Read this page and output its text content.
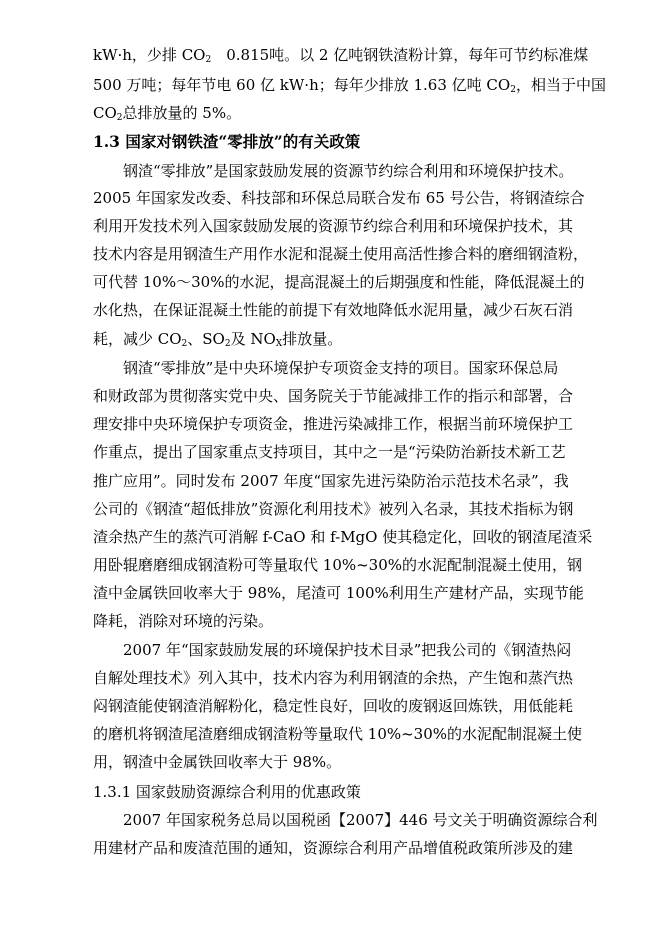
kW·h，少排 $CO_2$　0.815吨。以 2 亿吨钢铁渣粉计算，每年可节约标准煤
500 万吨；每年节电 60 亿 kW·h；每年少排放 1.63 亿吨 $CO_2$，相当于中国
$CO_2$总排放量的 5%。
1.3 国家对钢铁渣“零排放”的有关政策
钢渣“零排放”是国家鼓励发展的资源节约综合利用和环境保护技术。
2005 年国家发改委、科技部和环保总局联合发布 65 号公告，将钢渣综合
利用开发技术列入国家鼓励发展的资源节约综合利用和环境保护技术，其
技术内容是用钢渣生产用作水泥和混凝土使用高活性掺合料的磨细钢渣粉，
可代替 10%～30%的水泥，提高混凝土的后期强度和性能，降低混凝土的
水化热，在保证混凝土性能的前提下有效地降低水泥用量，减少石灰石消
耗，减少 $CO_2$、$SO_2$及 $NO_X$排放量。
钢渣“零排放”是中央环境保护专项资金支持的项目。国家环保总局
和财政部为贯彻落实党中央、国务院关于节能减排工作的指示和部署，合
理安排中央环境保护专项资金，推进污染减排工作，根据当前环境保护工
作重点，提出了国家重点支持项目，其中之一是“污染防治新技术新工艺
推广应用”。同时发布 2007 年度“国家先进污染防治示范技术名录”，我
公司的《钢渣“超低排放”资源化利用技术》被列入名录，其技术指标为钢
渣余热产生的蒸汽可消解 f-CaO 和 f-MgO 使其稳定化，回收的钢渣尾渣采
用卧辊磨磨细成钢渣粉可等量取代 10%~30%的水泥配制混凝土使用，钢
渣中金属铁回收率大于 98%，尾渣可 100%利用生产建材产品，实现节能
降耗，消除对环境的污染。
2007 年“国家鼓励发展的环境保护技术目录”把我公司的《钢渣热闷
自解处理技术》列入其中，技术内容为利用钢渣的余热，产生饱和蒸汽热
闷钢渣能使钢渣消解粉化，稳定性良好，回收的废钢返回炼铁，用低能耗
的磨机将钢渣尾渣磨细成钢渣粉等量取代 10%~30%的水泥配制混凝土使
用，钢渣中金属铁回收率大于 98%。
1.3.1 国家鼓励资源综合利用的优惠政策
2007 年国家税务总局以国税函【2007】446 号文关于明确资源综合利
用建材产品和废渣范围的通知，资源综合利用产品增值税政策所涉及的建
